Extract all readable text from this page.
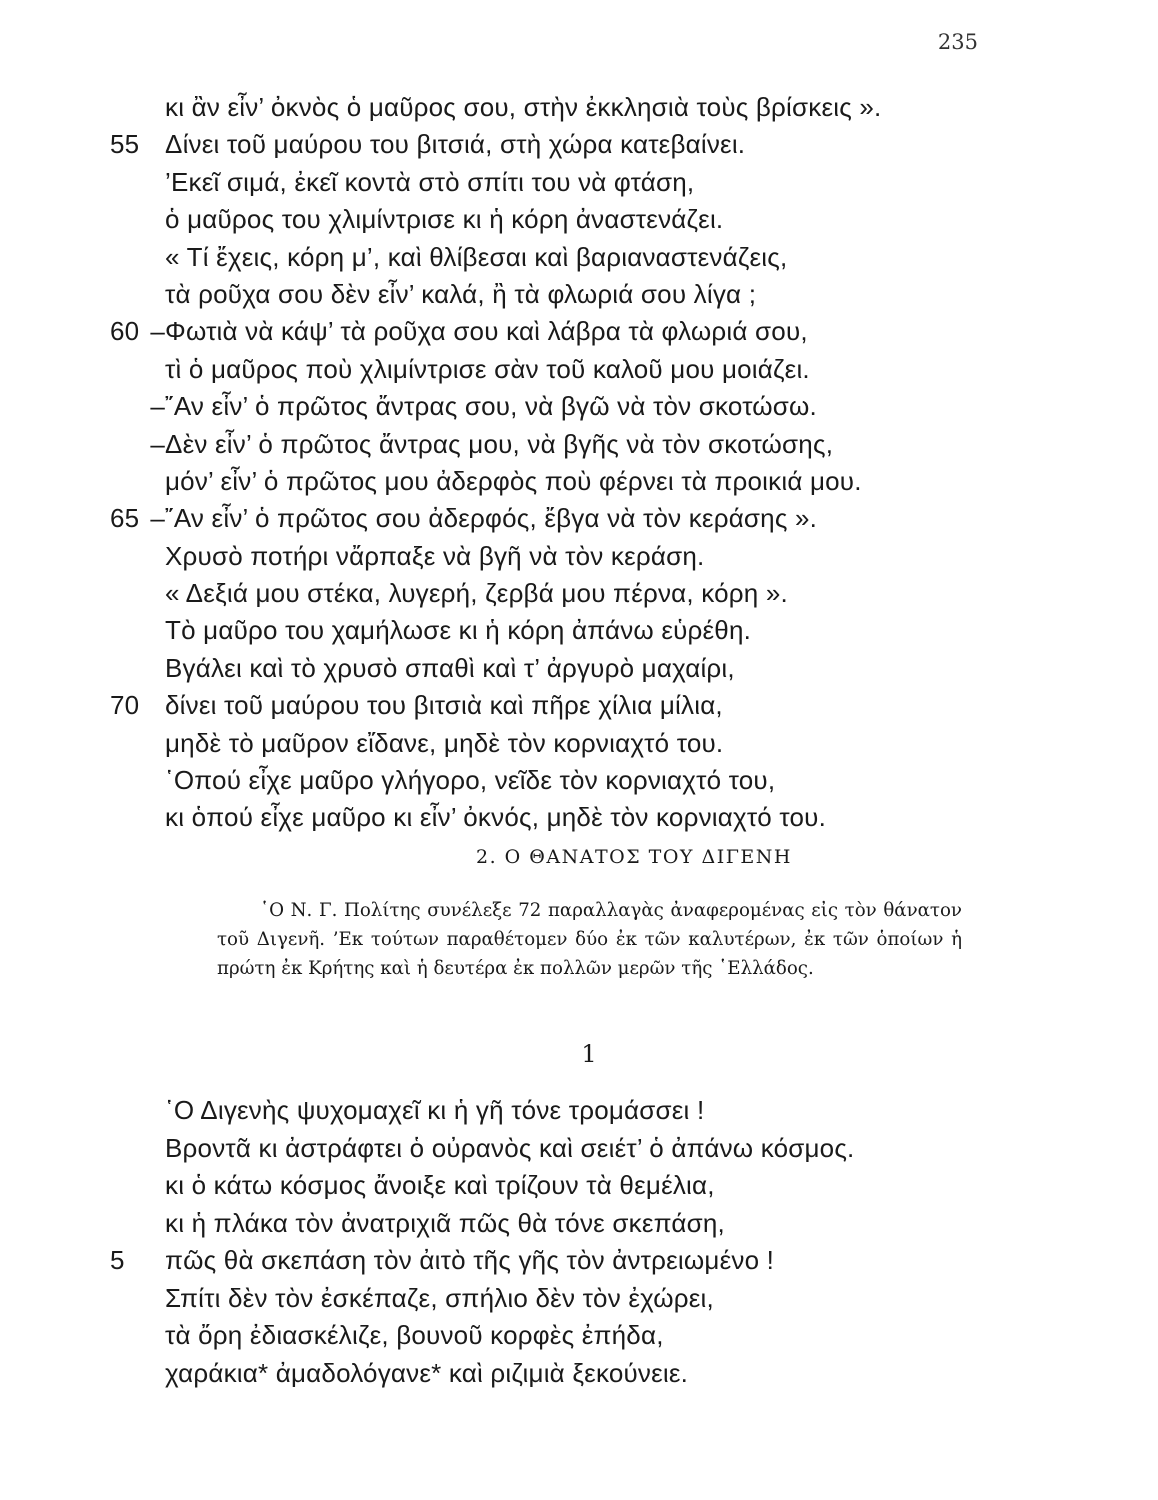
235
κι ἂν εἶν’ ὀκνὸς ὁ μαῦρος σου, στὴν ἐκκλησιὰ τοὺς βρίσκεις ».
55 Δίνει τοῦ μαύρου του βιτσιά, στὴ χώρα κατεβαίνει.
’Εκεῖ σιμά, ἐκεῖ κοντὰ στὸ σπίτι του νὰ φτάση,
ὁ μαῦρος του χλιμίντρισε κι ἡ κόρη ἀναστενάζει.
« Τί ἔχεις, κόρη μ’, καὶ θλίβεσαι καὶ βαριαναστενάζεις,
τὰ ροῦχα σου δὲν εἶν’ καλά, ἢ τὰ φλωριά σου λίγα ;
60 – Φωτιὰ νὰ κάψ’ τὰ ροῦχα σου καὶ λάβρα τὰ φλωριά σου,
τὶ ὁ μαῦρος ποὺ χλιμίντρισε σὰν τοῦ καλοῦ μου μοιάζει.
– ῎Αν εἶν’ ὁ πρῶτος ἄντρας σου, νὰ βγῶ νὰ τὸν σκοτώσω.
– Δὲν εἶν’ ὁ πρῶτος ἄντρας μου, νὰ βγῆς νὰ τὸν σκοτώσης,
μόν’ εἶν’ ὁ πρῶτος μου ἀδερφὸς ποὺ φέρνει τὰ προικιά μου.
65 – ῎Αν εἶν’ ὁ πρῶτος σου ἀδερφός, ἔβγα νὰ τὸν κεράσης ».
Χρυσὸ ποτήρι νἄρπαξε νὰ βγῆ νὰ τὸν κεράση.
« Δεξιά μου στέκα, λυγερή, ζερβά μου πέρνα, κόρη ».
Τὸ μαῦρο του χαμήλωσε κι ἡ κόρη ἀπάνω εὑρέθη.
Βγάλει καὶ τὸ χρυσὸ σπαθὶ καὶ τ’ ἀργυρὸ μαχαίρι,
70 δίνει τοῦ μαύρου του βιτσιὰ καὶ πῆρε χίλια μίλια,
μηδὲ τὸ μαῦρον εἴδανε, μηδὲ τὸν κορνιαχτό του.
῾Οπού εἶχε μαῦρο γλήγορο, νεῖδε τὸν κορνιαχτό του,
κι ὁπού εἶχε μαῦρο κι εἶν’ ὀκνός, μηδὲ τὸν κορνιαχτό του.
2. Ο ΘΑΝΑΤΟΣ ΤΟΥ ΔΙΓΕΝΗ
῾Ο Ν. Γ. Πολίτης συνέλεξε 72 παραλλαγὰς ἀναφερομένας εἰς τὸν θάνατον τοῦ Διγενῆ. ’Εκ τούτων παραθέτομεν δύο ἐκ τῶν καλυτέρων, ἐκ τῶν ὁποίων ἡ πρώτη ἐκ Κρήτης καὶ ἡ δευτέρα ἐκ πολλῶν μερῶν τῆς ῾Ελλάδος.
1
῾Ο Διγενὴς ψυχομαχεῖ κι ἡ γῆ τόνε τρομάσσει !
Βροντᾶ κι ἀστράφτει ὁ οὐρανὸς καὶ σειέτ’ ὁ ἀπάνω κόσμος.
κι ὁ κάτω κόσμος ἄνοιξε καὶ τρίζουν τὰ θεμέλια,
κι ἡ πλάκα τὸν ἀνατριχιᾶ πῶς θὰ τόνε σκεπάση,
5 πῶς θὰ σκεπάση τὸν ἀιτὸ τῆς γῆς τὸν ἀντρειωμένο !
Σπίτι δὲν τὸν ἐσκέπαζε, σπήλιο δὲν τὸν ἐχώρει,
τὰ ὄρη ἐδιασκέλιζε, βουνοῦ κορφὲς ἐπήδα,
χαράκια* ἀμαδολόγανε* καὶ ριζιμιὰ ξεκούνειε.
